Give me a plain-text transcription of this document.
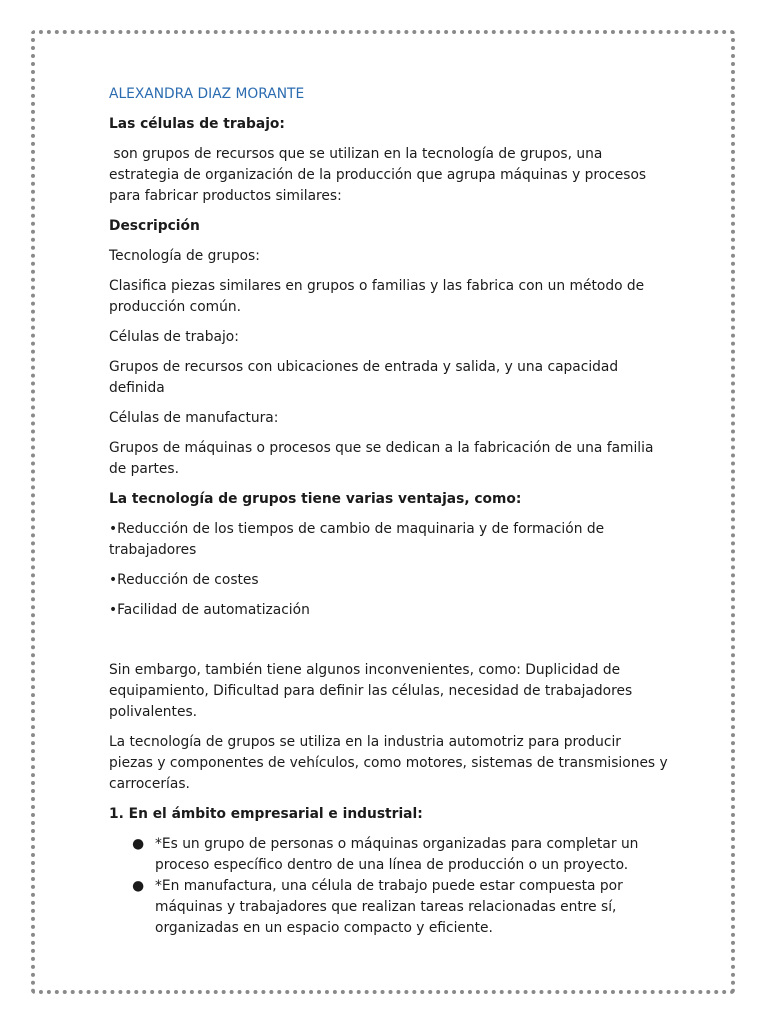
ALEXANDRA DIAZ MORANTE

Las células de trabajo:

son grupos de recursos que se utilizan en la tecnología de grupos, una estrategia de organización de la producción que agrupa máquinas y procesos para fabricar productos similares:

Descripción

Tecnología de grupos:

Clasifica piezas similares en grupos o familias y las fabrica con un método de producción común.

Células de trabajo:

Grupos de recursos con ubicaciones de entrada y salida, y una capacidad definida

Células de manufactura:

Grupos de máquinas o procesos que se dedican a la fabricación de una familia de partes.

La tecnología de grupos tiene varias ventajas, como:

•Reducción de los tiempos de cambio de maquinaria y de formación de trabajadores

•Reducción de costes

•Facilidad de automatización

Sin embargo, también tiene algunos inconvenientes, como: Duplicidad de equipamiento, Dificultad para definir las células, necesidad de trabajadores polivalentes.

La tecnología de grupos se utiliza en la industria automotriz para producir piezas y componentes de vehículos, como motores, sistemas de transmisiones y carrocerías.

1. En el ámbito empresarial e industrial:

● *Es un grupo de personas o máquinas organizadas para completar un proceso específico dentro de una línea de producción o un proyecto.
● *En manufactura, una célula de trabajo puede estar compuesta por máquinas y trabajadores que realizan tareas relacionadas entre sí, organizadas en un espacio compacto y eficiente.
